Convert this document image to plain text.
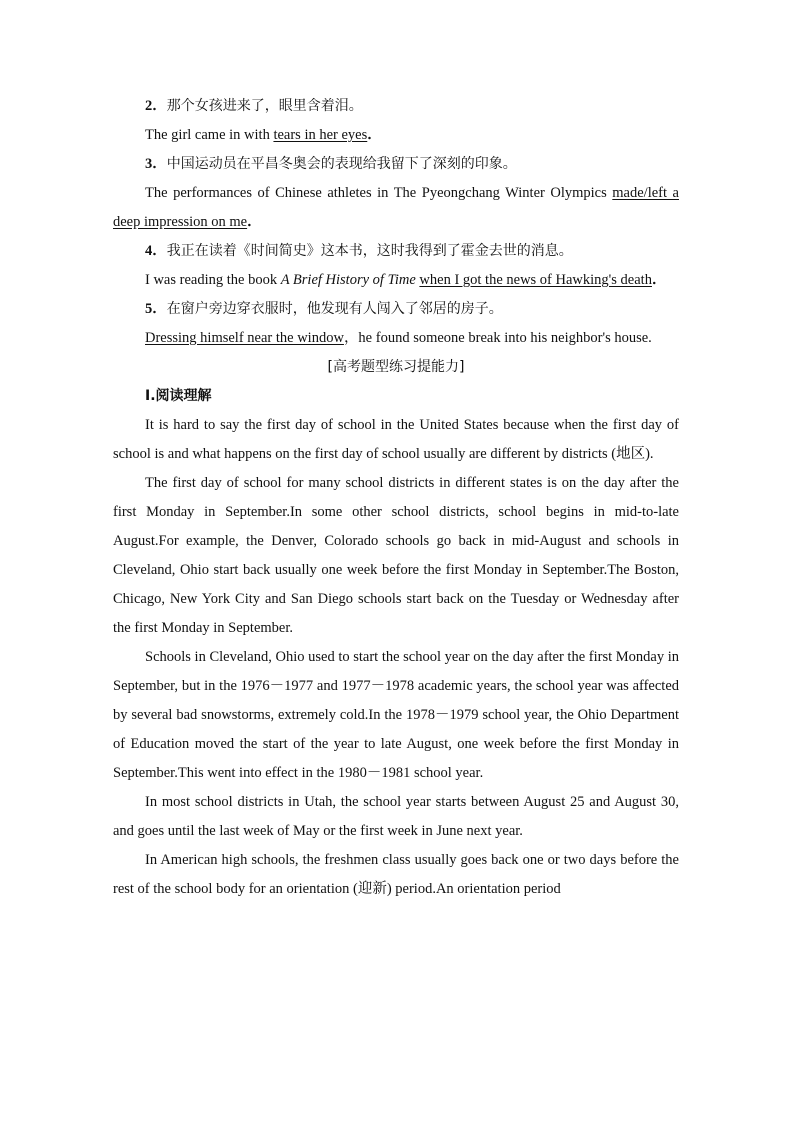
2．那个女孩进来了，眼里含着泪。

The girl came in with tears in her eyes．

3．中国运动员在平昌冬奥会的表现给我留下了深刻的印象。

The performances of Chinese athletes in The Pyeongchang Winter Olympics made/left a deep impression on me．

4．我正在读着《时间简史》这本书，这时我得到了霍金去世的消息。

I was reading the book A Brief History of Time when I got the news of Hawking's death．

5．在窗户旁边穿衣服时，他发现有人闯入了邻居的房子。

Dressing himself near the window，he found someone break into his neighbor's house.

[高考题型练习提能力]

Ⅰ.阅读理解

It is hard to say the first day of school in the United States because when the first day of school is and what happens on the first day of school usually are different by districts (地区).

The first day of school for many school districts in different states is on the day after the first Monday in September.In some other school districts, school begins in mid-to-late August.For example, the Denver, Colorado schools go back in mid-August and schools in Cleveland, Ohio start back usually one week before the first Monday in September.The Boston, Chicago, New York City and San Diego schools start back on the Tuesday or Wednesday after the first Monday in September.

Schools in Cleveland, Ohio used to start the school year on the day after the first Monday in September, but in the 1976－1977 and 1977－1978 academic years, the school year was affected by several bad snowstorms, extremely cold.In the 1978－1979 school year, the Ohio Department of Education moved the start of the year to late August, one week before the first Monday in September.This went into effect in the 1980－1981 school year.

In most school districts in Utah, the school year starts between August 25 and August 30, and goes until the last week of May or the first week in June next year.

In American high schools, the freshmen class usually goes back one or two days before the rest of the school body for an orientation (迎新) period.An orientation period
